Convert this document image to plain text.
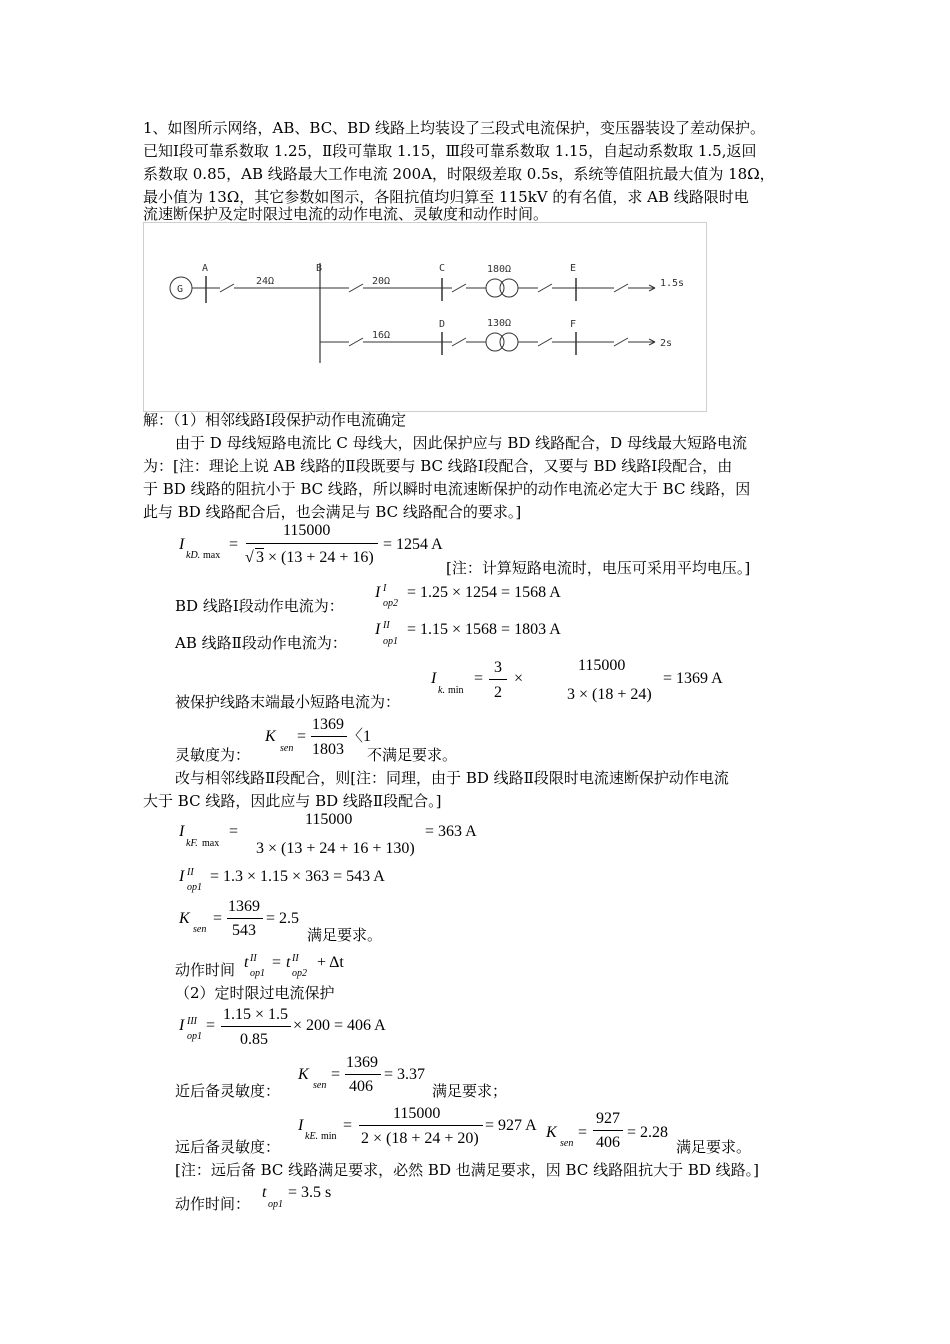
1、如图所示网络，AB、BC、BD 线路上均装设了三段式电流保护，变压器装设了差动保护。
已知Ⅰ段可靠系数取 1.25，Ⅱ段可靠取 1.15，Ⅲ段可靠系数取 1.15，自起动系数取 1.5,返回
系数取 0.85，AB 线路最大工作电流 200A，时限级差取 0.5s，系统等值阻抗最大值为 18Ω，
最小值为 13Ω，其它参数如图示，各阻抗值均归算至 115kV 的有名值，求 AB 线路限时电
流速断保护及定时限过电流的动作电流、灵敏度和动作时间。
G
A	B	C
D
E
F
24Ω	20Ω
16Ω
180Ω
130Ω
1.5s
2s
解：（1）相邻线路Ⅰ段保护动作电流确定
由于 D 母线短路电流比 C 母线大，因此保护应与 BD 线路配合，D 母线最大短路电流
为：[注：理论上说 AB 线路的Ⅱ段既要与 BC 线路Ⅰ段配合，又要与 BD 线路Ⅰ段配合，由
于 BD 线路的阻抗小于 BC 线路，所以瞬时电流速断保护的动作电流必定大于 BC 线路，因
此与 BD 线路配合后，也会满足与 BC 线路配合的要求。]
I
kD. max
=
115000
√ 3 × (13 + 24 + 16)
= 1254 A
[注：计算短路电流时，电压可采用平均电压。]
BD 线路Ⅰ段动作电流为：
I I
op2
= 1.25 × 1254 = 1568 A
AB 线路Ⅱ段动作电流为：
I II
op1
= 1.15 × 1568 = 1803 A
I
k. min
=
3
2
×
115000
3 × (18 + 24)
= 1369 A
被保护线路末端最小短路电流为：
K
sen
=
1369
1803
〈1
灵敏度为：	不满足要求。
改与相邻线路Ⅱ段配合，则[注：同理，由于 BD 线路Ⅱ段限时电流速断保护动作电流
大于 BC 线路，因此应与 BD 线路Ⅱ段配合。]
I
kF. max
=
115000
3 × (13 + 24 + 16 + 130)
= 363 A
I II
op1
= 1.3 × 1.15 × 363 = 543 A
K
sen
=
1369
543
= 2.5
满足要求。
动作时间 t II
op1
= t II
op2
+ Δt
（2）定时限过电流保护
I III
op1
=
1.15 × 1.5
0.85
× 200 = 406 A
K
sen
=
1369
406
= 3.37
近后备灵敏度：	满足要求；
I
kE. min
=
115000
2 × (18 + 24 + 20)
= 927 A K
sen
=
927
406
= 2.28
远后备灵敏度：	满足要求。
[注：远后备 BC 线路满足要求，必然 BD 也满足要求，因 BC 线路阻抗大于 BD 线路。]
动作时间：
t
op1
= 3.5 s
